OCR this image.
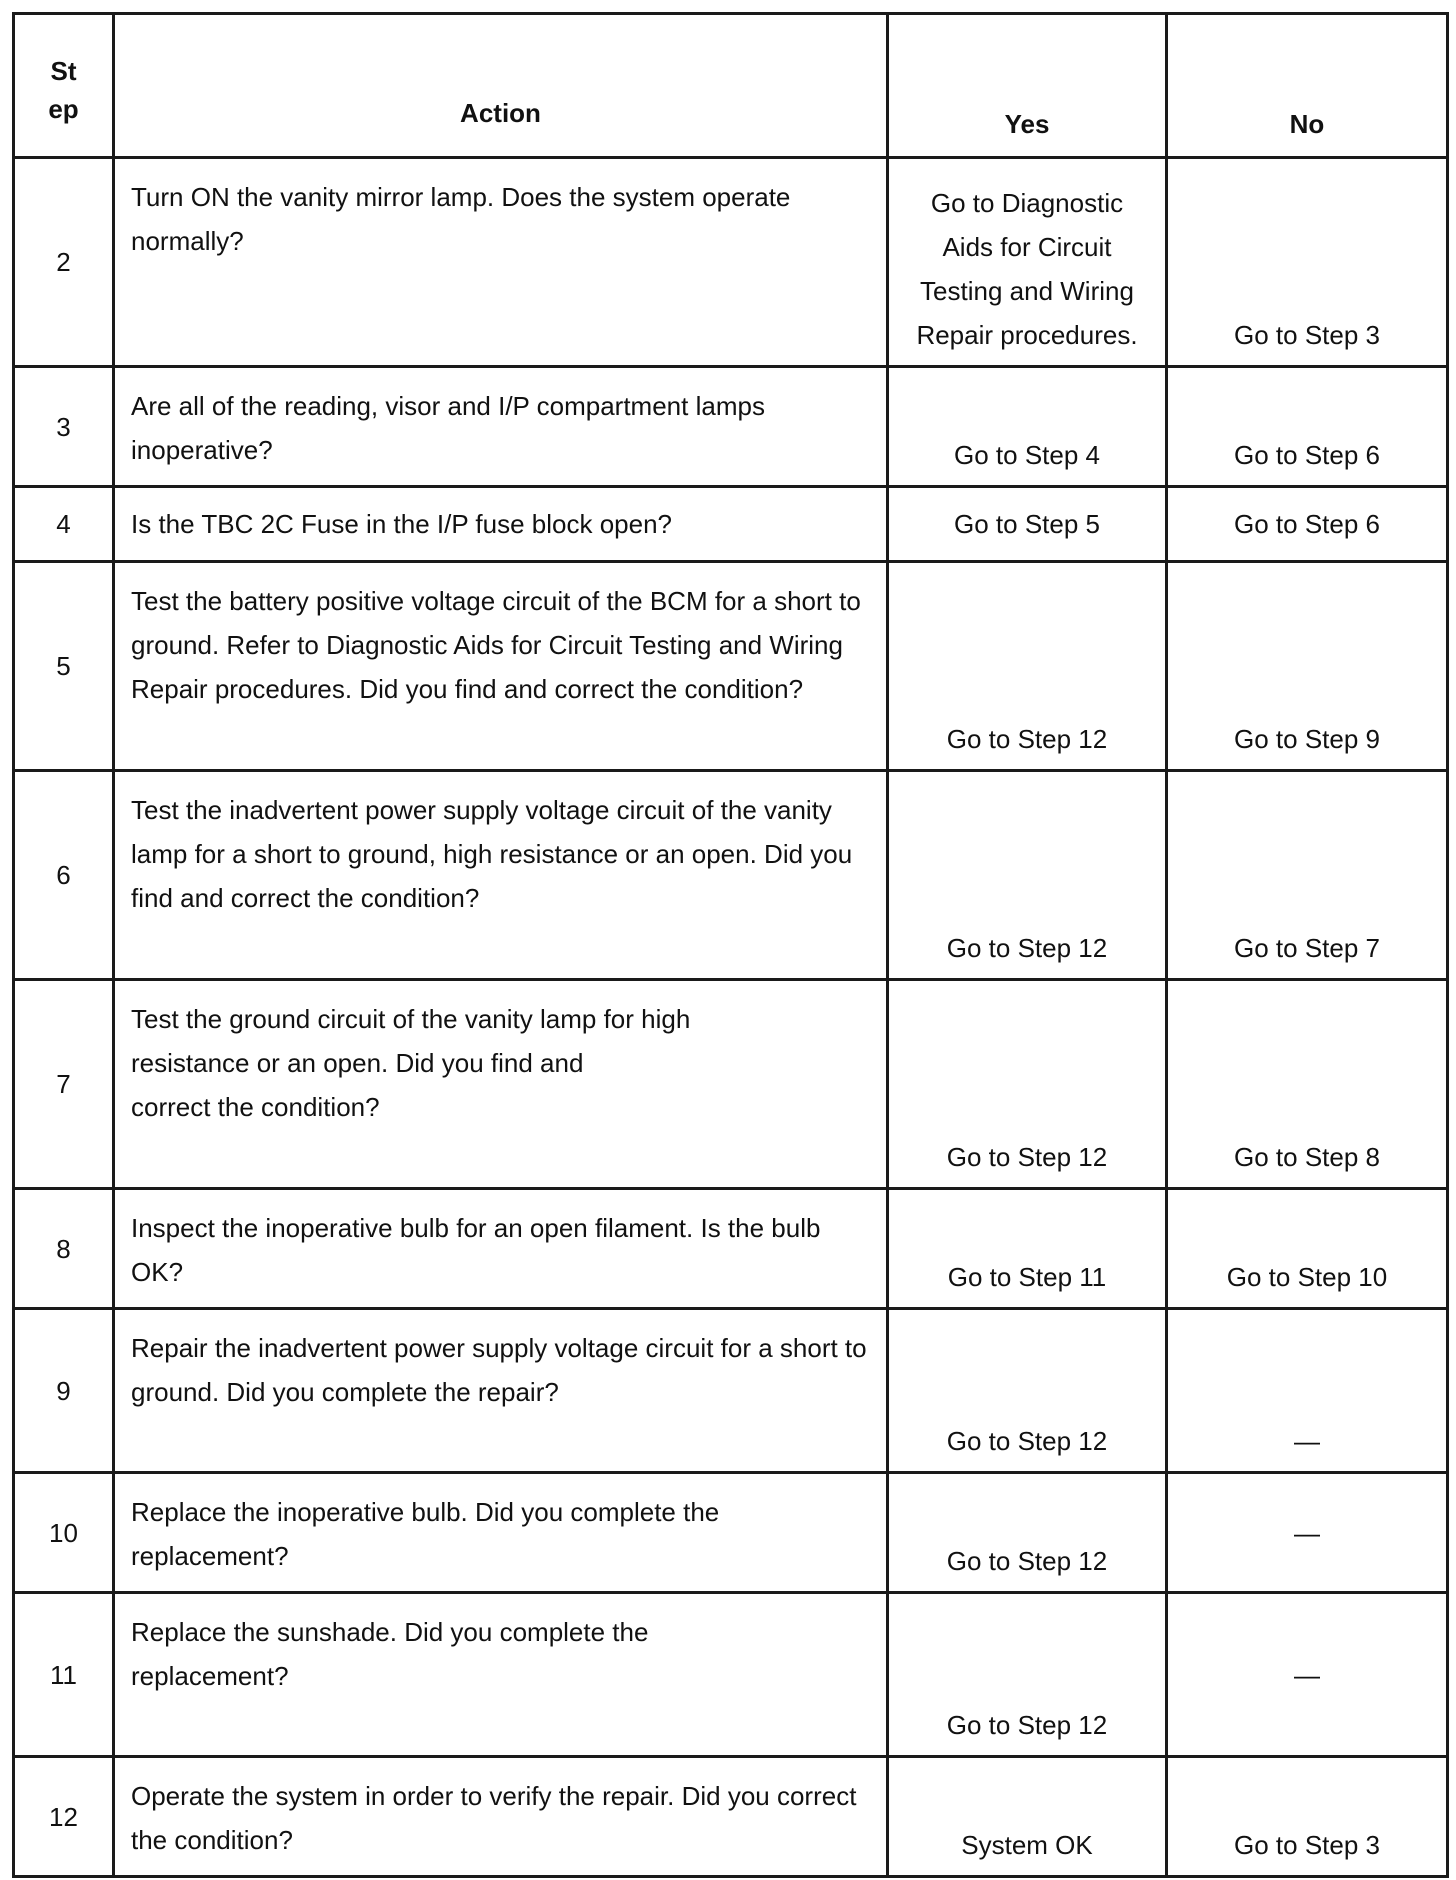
St
ep	Action	Yes	No
2	Turn ON the vanity mirror lamp. Does the system operate normally?	Go to Diagnostic
Aids for Circuit
Testing and Wiring
Repair procedures.	Go to Step 3
3	Are all of the reading, visor and I/P compartment lamps inoperative?	Go to Step 4	Go to Step 6
4	Is the TBC 2C Fuse in the I/P fuse block open?	Go to Step 5	Go to Step 6
5	Test the battery positive voltage circuit of the BCM for a short to ground. Refer to Diagnostic Aids for Circuit Testing and Wiring Repair procedures. Did you find and correct the condition?	Go to Step 12	Go to Step 9
6	Test the inadvertent power supply voltage circuit of the vanity lamp for a short to ground, high resistance or an open. Did you find and correct the condition?	Go to Step 12	Go to Step 7
7	Test the ground circuit of the vanity lamp for high
resistance or an open. Did you find and
correct the condition?	Go to Step 12	Go to Step 8
8	Inspect the inoperative bulb for an open filament. Is the bulb OK?	Go to Step 11	Go to Step 10
9	Repair the inadvertent power supply voltage circuit for a short to ground. Did you complete the repair?	Go to Step 12	—
10	Replace the inoperative bulb. Did you complete the replacement?	Go to Step 12	—
11	Replace the sunshade. Did you complete the
replacement?	Go to Step 12	—
12	Operate the system in order to verify the repair. Did you correct the condition?	System OK	Go to Step 3
